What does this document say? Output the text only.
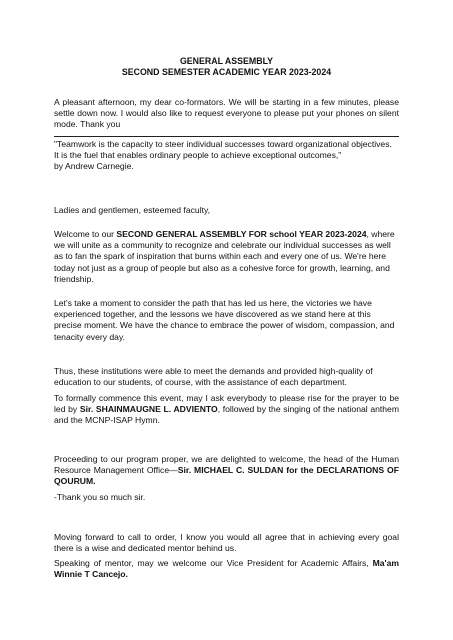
GENERAL ASSEMBLY
SECOND SEMESTER ACADEMIC YEAR 2023-2024

A pleasant afternoon, my dear co-formators. We will be starting in a few minutes, please settle down now. I would also like to request everyone to please put your phones on silent mode. Thank you

"Teamwork is the capacity to steer individual successes toward organizational objectives. It is the fuel that enables ordinary people to achieve exceptional outcomes,"
by Andrew Carnegie.

Ladies and gentlemen, esteemed faculty,

Welcome to our SECOND GENERAL ASSEMBLY FOR school YEAR 2023-2024, where we will unite as a community to recognize and celebrate our individual successes as well as to fan the spark of inspiration that burns within each and every one of us. We're here today not just as a group of people but also as a cohesive force for growth, learning, and friendship.

Let's take a moment to consider the path that has led us here, the victories we have experienced together, and the lessons we have discovered as we stand here at this precise moment. We have the chance to embrace the power of wisdom, compassion, and tenacity every day.

Thus, these institutions were able to meet the demands and provided high-quality of education to our students, of course, with the assistance of each department.

To formally commence this event, may I ask everybody to please rise for the prayer to be led by Sir. SHAINMAUGNE L. ADVIENTO, followed by the singing of the national anthem and the MCNP-ISAP Hymn.

Proceeding to our program proper, we are delighted to welcome, the head of the Human Resource Management Office—Sir. MICHAEL C. SULDAN for the DECLARATIONS OF QOURUM.

-Thank you so much sir.

Moving forward to call to order, I know you would all agree that in achieving every goal there is a wise and dedicated mentor behind us.

Speaking of mentor, may we welcome our Vice President for Academic Affairs, Ma'am Winnie T Cancejo.
